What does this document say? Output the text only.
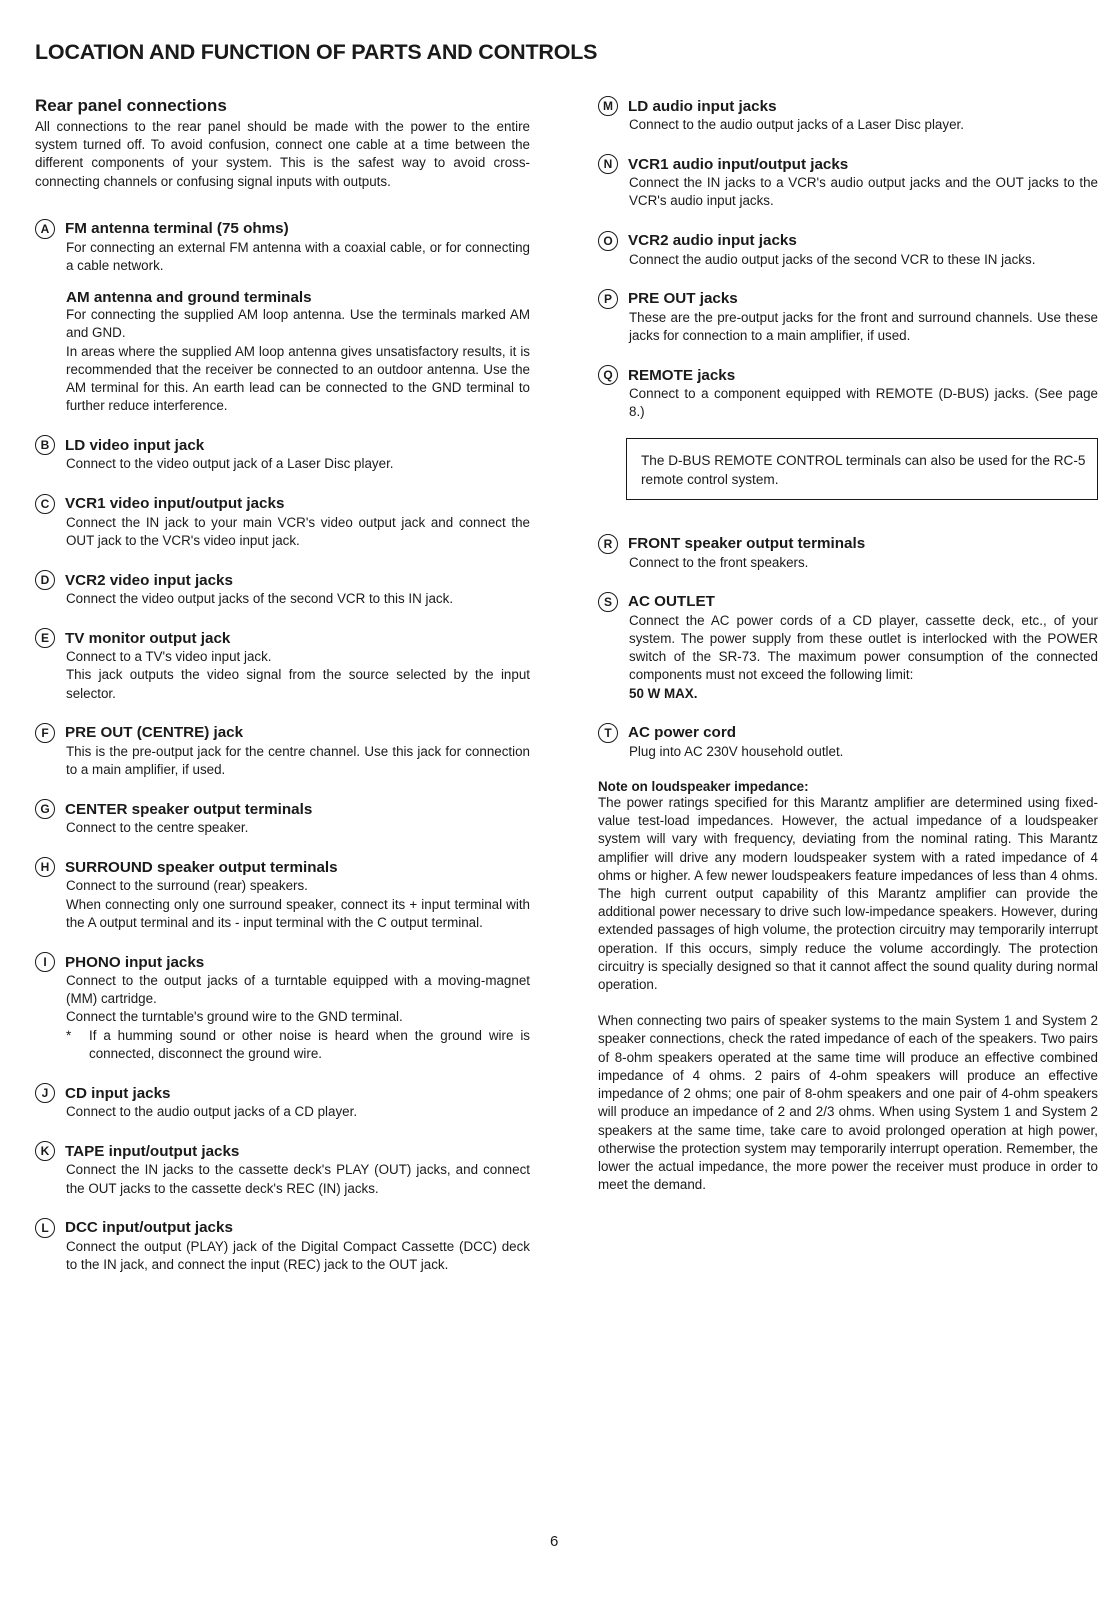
LOCATION AND FUNCTION OF PARTS AND CONTROLS
Rear panel connections

All connections to the rear panel should be made with the power to the entire system turned off. To avoid confusion, connect one cable at a time between the different components of your system. This is the safest way to avoid cross-connecting channels or confusing signal inputs with outputs.

A	FM antenna terminal (75 ohms)

For connecting an external FM antenna with a coaxial cable, or for connecting a cable network.

AM antenna and ground terminals

For connecting the supplied AM loop antenna. Use the terminals marked AM and GND.

In areas where the supplied AM loop antenna gives unsatisfactory results, it is recommended that the receiver be connected to an outdoor antenna. Use the AM terminal for this. An earth lead can be connected to the GND terminal to further reduce interference.

B	LD video input jack

Connect to the video output jack of a Laser Disc player.

C	VCR1 video input/output jacks

Connect the IN jack to your main VCR's video output jack and connect the OUT jack to the VCR's video input jack.

D	VCR2 video input jacks

Connect the video output jacks of the second VCR to this IN jack.

E	TV monitor output jack

Connect to a TV's video input jack.

This jack outputs the video signal from the source selected by the input selector.

F	PRE OUT (CENTRE) jack

This is the pre-output jack for the centre channel. Use this jack for connection to a main amplifier, if used.

G	CENTER speaker output terminals

Connect to the centre speaker.

H	SURROUND speaker output terminals

Connect to the surround (rear) speakers.

When connecting only one surround speaker, connect its + input terminal with the A output terminal and its - input terminal with the C output terminal.

I	PHONO input jacks

Connect to the output jacks of a turntable equipped with a moving-magnet (MM) cartridge.

Connect the turntable's ground wire to the GND terminal.

*	If a humming sound or other noise is heard when the ground wire is connected, disconnect the ground wire.
J	CD input jacks

Connect to the audio output jacks of a CD player.

K	TAPE input/output jacks

Connect the IN jacks to the cassette deck's PLAY (OUT) jacks, and connect the OUT jacks to the cassette deck's REC (IN) jacks.

L	DCC input/output jacks

Connect the output (PLAY) jack of the Digital Compact Cassette (DCC) deck to the IN jack, and connect the input (REC) jack to the OUT jack.

M LD audio input jacks

Connect to the audio output jacks of a Laser Disc player.

N	VCR1 audio input/output jacks

Connect the IN jacks to a VCR's audio output jacks and the OUT jacks to the VCR's audio input jacks.

O	VCR2 audio input jacks

Connect the audio output jacks of the second VCR to these IN jacks.

P	PRE OUT jacks

These are the pre-output jacks for the front and surround channels. Use these jacks for connection to a main amplifier, if used.

Q	REMOTE jacks

Connect to a component equipped with REMOTE (D-BUS) jacks. (See page 8.)

The D-BUS REMOTE CONTROL terminals can also be used for the RC-5 remote control system.
R	FRONT speaker output terminals

Connect to the front speakers.

S	AC OUTLET

Connect the AC power cords of a CD player, cassette deck, etc., of your system. The power supply from these outlet is interlocked with the POWER switch of the SR-73. The maximum power consumption of the connected components must not exceed the following limit:

50 W MAX.

T	AC power cord

Plug into AC 230V household outlet.

Note on loudspeaker impedance:

The power ratings specified for this Marantz amplifier are determined using fixed-value test-load impedances. However, the actual impedance of a loudspeaker system will vary with frequency, deviating from the nominal rating. This Marantz amplifier will drive any modern loudspeaker system with a rated impedance of 4 ohms or higher. A few newer loudspeakers feature impedances of less than 4 ohms. The high current output capability of this Marantz amplifier can provide the additional power necessary to drive such low-impedance speakers. However, during extended passages of high volume, the protection circuitry may temporarily interrupt operation. If this occurs, simply reduce the volume accordingly. The protection circuitry is specially designed so that it cannot affect the sound quality during normal operation.

When connecting two pairs of speaker systems to the main System 1 and System 2 speaker connections, check the rated impedance of each of the speakers. Two pairs of 8-ohm speakers operated at the same time will produce an effective combined impedance of 4 ohms. 2 pairs of 4-ohm speakers will produce an effective impedance of 2 ohms; one pair of 8-ohm speakers and one pair of 4-ohm speakers will produce an impedance of 2 and 2/3 ohms. When using System 1 and System 2 speakers at the same time, take care to avoid prolonged operation at high power, otherwise the protection system may temporarily interrupt operation. Remember, the lower the actual impedance, the more power the receiver must produce in order to meet the demand.

6
